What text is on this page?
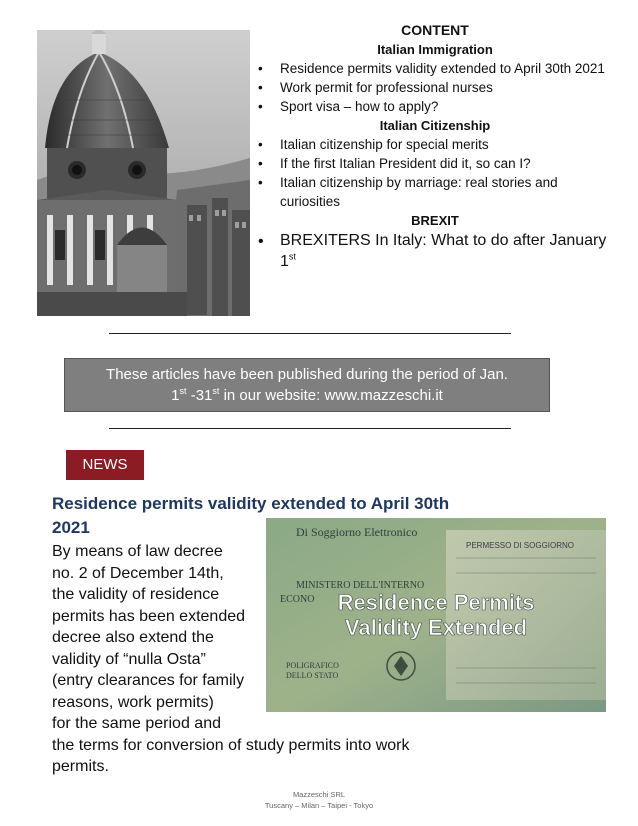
CONTENT
Italian Immigration
• Residence permits validity extended to April 30th 2021
• Work permit for professional nurses
• Sport visa – how to apply?
Italian Citizenship
• Italian citizenship for special merits
• If the first Italian President did it, so can I?
• Italian citizenship by marriage: real stories and curiosities
BREXIT
• BREXITERS In Italy: What to do after January 1st
These articles have been published during the period of Jan.
1st -31st in our website: www.mazzeschi.it
NEWS
Residence permits validity extended to April 30th
2021	Di Soggiorno Elettronico
PERMESSO DI SOGGIORNO
MINISTERO DELL'INTERNO
ECONO
POLIGRAFICO
DELLO STATO
Residence Permits
Validity Extended

By means of law decree

no. 2 of December 14th,

the validity of residence

permits has been extended

decree also extend the

validity of “nulla Osta”

(entry clearances for family

reasons, work permits)

for the same period and

the terms for conversion of study permits into work

permits.

Mazzeschi SRL
Tuscany – Milan – Taipei - Tokyo
